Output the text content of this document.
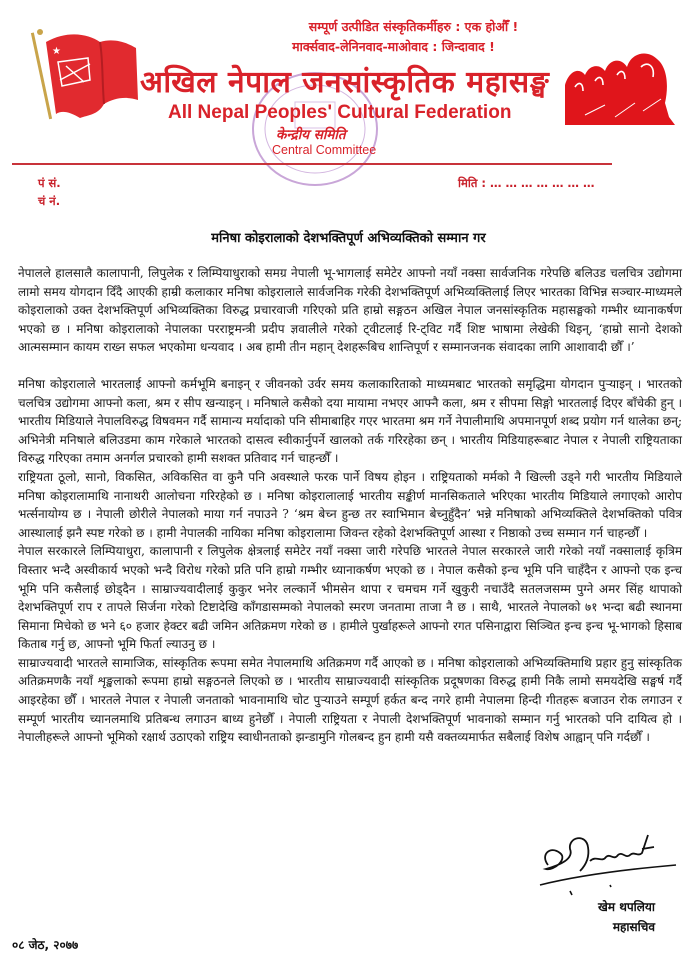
★
सम्पूर्ण उत्पीडित संस्कृतिकर्मीहरु : एक होऔँ !
मार्क्सवाद-लेनिनवाद-माओवाद : जिन्दावाद !
अखिल नेपाल जनसांस्कृतिक महासङ्घ
All Nepal Peoples' Cultural Federation
केन्द्रीय समिति
Central Committee
पं सं.
चं नं.
मिति : … … … … … … …
मनिषा कोइरालाको देशभक्तिपूर्ण अभिव्यक्तिको सम्मान गर

नेपालले हालसालै कालापानी, लिपुलेक र लिम्पियाधुराको समग्र नेपाली भू-भागलाई समेटेर आफ्नो नयाँ नक्सा सार्वजनिक गरेपछि बलिउड चलचित्र उद्योगमा लामो समय योगदान दिँदै आएकी हाम्री कलाकार मनिषा कोइरालाले सार्वजनिक गरेकी देशभक्तिपूर्ण अभिव्यक्तिलाई लिएर भारतका विभिन्न सञ्चार-माध्यमले कोइरालाको उक्त देशभक्तिपूर्ण अभिव्यक्तिका विरुद्ध प्रचारवाजी गरिएको प्रति हाम्रो सङ्गठन अखिल नेपाल जनसांस्कृतिक महासङ्घको गम्भीर ध्यानाकर्षण भएको छ । मनिषा कोइरालाको नेपालका परराष्ट्रमन्त्री प्रदीप ज्ञवालीले गरेको ट्वीटलाई रि-ट्विट गर्दै शिष्ट भाषामा लेखेकी थिइन्, ‘हाम्रो सानो देशको आत्मसम्मान कायम राख्न सफल भएकोमा धन्यवाद । अब हामी तीन महान् देशहरूबिच शान्तिपूर्ण र सम्मानजनक संवादका लागि आशावादी छौँ ।’

मनिषा कोइरालाले भारतलाई आफ्नो कर्मभूमि बनाइन् र जीवनको उर्वर समय कलाकारिताको माध्यमबाट भारतको समृद्धिमा योगदान पुऱ्याइन् । भारतको चलचित्र उद्योगमा आफ्नो कला, श्रम र सीप खन्याइन् । मनिषाले कसैको दया मायामा नभएर आफ्नै कला, श्रम र सीपमा सिङ्गो भारतलाई दिएर बाँचेकी हुन् । भारतीय मिडियाले नेपालविरुद्ध विषवमन गर्दै सामान्य मर्यादाको पनि सीमाबाहिर गएर भारतमा श्रम गर्ने नेपालीमाथि अपमानपूर्ण शब्द प्रयोग गर्न थालेका छन्; अभिनेत्री मनिषाले बलिउडमा काम गरेकाले भारतको दासत्व स्वीकार्नुपर्ने खालको तर्क गरिरहेका छन् । भारतीय मिडियाहरूबाट नेपाल र नेपाली राष्ट्रियताका विरुद्ध गरिएका तमाम अनर्गल प्रचारको हामी सशक्त प्रतिवाद गर्न चाहन्छौँ ।

राष्ट्रियता ठूलो, सानो, विकसित, अविकसित वा कुनै पनि अवस्थाले फरक पार्ने विषय होइन । राष्ट्रियताको मर्मको नै खिल्ली उड्ने गरी भारतीय मिडियाले मनिषा कोइरालामाथि नानाथरी आलोचना गरिरहेको छ । मनिषा कोइरालालाई भारतीय सङ्कीर्ण मानसिकताले भरिएका भारतीय मिडियाले लगाएको आरोप भर्त्सनायोग्य छ । नेपाली छोरीले नेपालको माया गर्न नपाउने ? ‘श्रम बेच्न हुन्छ तर स्वाभिमान बेच्नुहुँदैन’ भन्ने मनिषाको अभिव्यक्तिले देशभक्तिको पवित्र आस्थालाई झनै स्पष्ट गरेको छ । हामी नेपालकी नायिका मनिषा कोइरालामा जिवन्त रहेको देशभक्तिपूर्ण आस्था र निष्ठाको उच्च सम्मान गर्न चाहन्छौँ ।

नेपाल सरकारले लिम्पियाधुरा, कालापानी र लिपुलेक क्षेत्रलाई समेटेर नयाँ नक्सा जारी गरेपछि भारतले नेपाल सरकारले जारी गरेको नयाँ नक्सालाई कृत्रिम विस्तार भन्दै अस्वीकार्य भएको भन्दै विरोध गरेको प्रति पनि हाम्रो गम्भीर ध्यानाकर्षण भएको छ । नेपाल कसैको इन्च भूमि पनि चाहँदैन र आफ्नो एक इन्च भूमि पनि कसैलाई छोड्दैन । साम्राज्यवादीलाई कुकुर भनेर लल्कार्ने भीमसेन थापा र चमचम गर्ने खुकुरी नचाउँदै सतलजसम्म पुग्ने अमर सिंह थापाको देशभक्तिपूर्ण राप र तापले सिर्जना गरेको टिष्टादेखि काँगडासम्मको नेपालको स्मरण जनतामा ताजा नै छ । साथै, भारतले नेपालको ७१ भन्दा बढी स्थानमा सिमाना मिचेको छ भने ६० हजार हेक्टर बढी जमिन अतिक्रमण गरेको छ । हामीले पुर्खाहरूले आफ्नो रगत पसिनाद्वारा सिञ्चित इन्च इन्च भू-भागको हिसाब किताब गर्नु छ, आफ्नो भूमि फिर्ता ल्याउनु छ ।

साम्राज्यवादी भारतले सामाजिक, सांस्कृतिक रूपमा समेत नेपालमाथि अतिक्रमण गर्दै आएको छ । मनिषा कोइरालाको अभिव्यक्तिमाथि प्रहार हुनु सांस्कृतिक अतिक्रमणकै नयाँ शृङ्खलाको रूपमा हाम्रो सङ्गठनले लिएको छ । भारतीय साम्राज्यवादी सांस्कृतिक प्रदूषणका विरुद्ध हामी निकै लामो समयदेखि सङ्घर्ष गर्दै आइरहेका छौँ । भारतले नेपाल र नेपाली जनताको भावनामाथि चोट पुऱ्याउने सम्पूर्ण हर्कत बन्द नगरे हामी नेपालमा हिन्दी गीतहरू बजाउन रोक लगाउन र सम्पूर्ण भारतीय च्यानलमाथि प्रतिबन्ध लगाउन बाध्य हुनेछौँ । नेपाली राष्ट्रियता र नेपाली देशभक्तिपूर्ण भावनाको सम्मान गर्नु भारतको पनि दायित्व हो । नेपालीहरूले आफ्नो भूमिको रक्षार्थ उठाएको राष्ट्रिय स्वाधीनताको झन्डामुनि गोलबन्द हुन हामी यसै वक्तव्यमार्फत सबैलाई विशेष आह्वान् पनि गर्दछौँ ।

खेम थपलिया
महासचिव
०८ जेठ, २०७७
